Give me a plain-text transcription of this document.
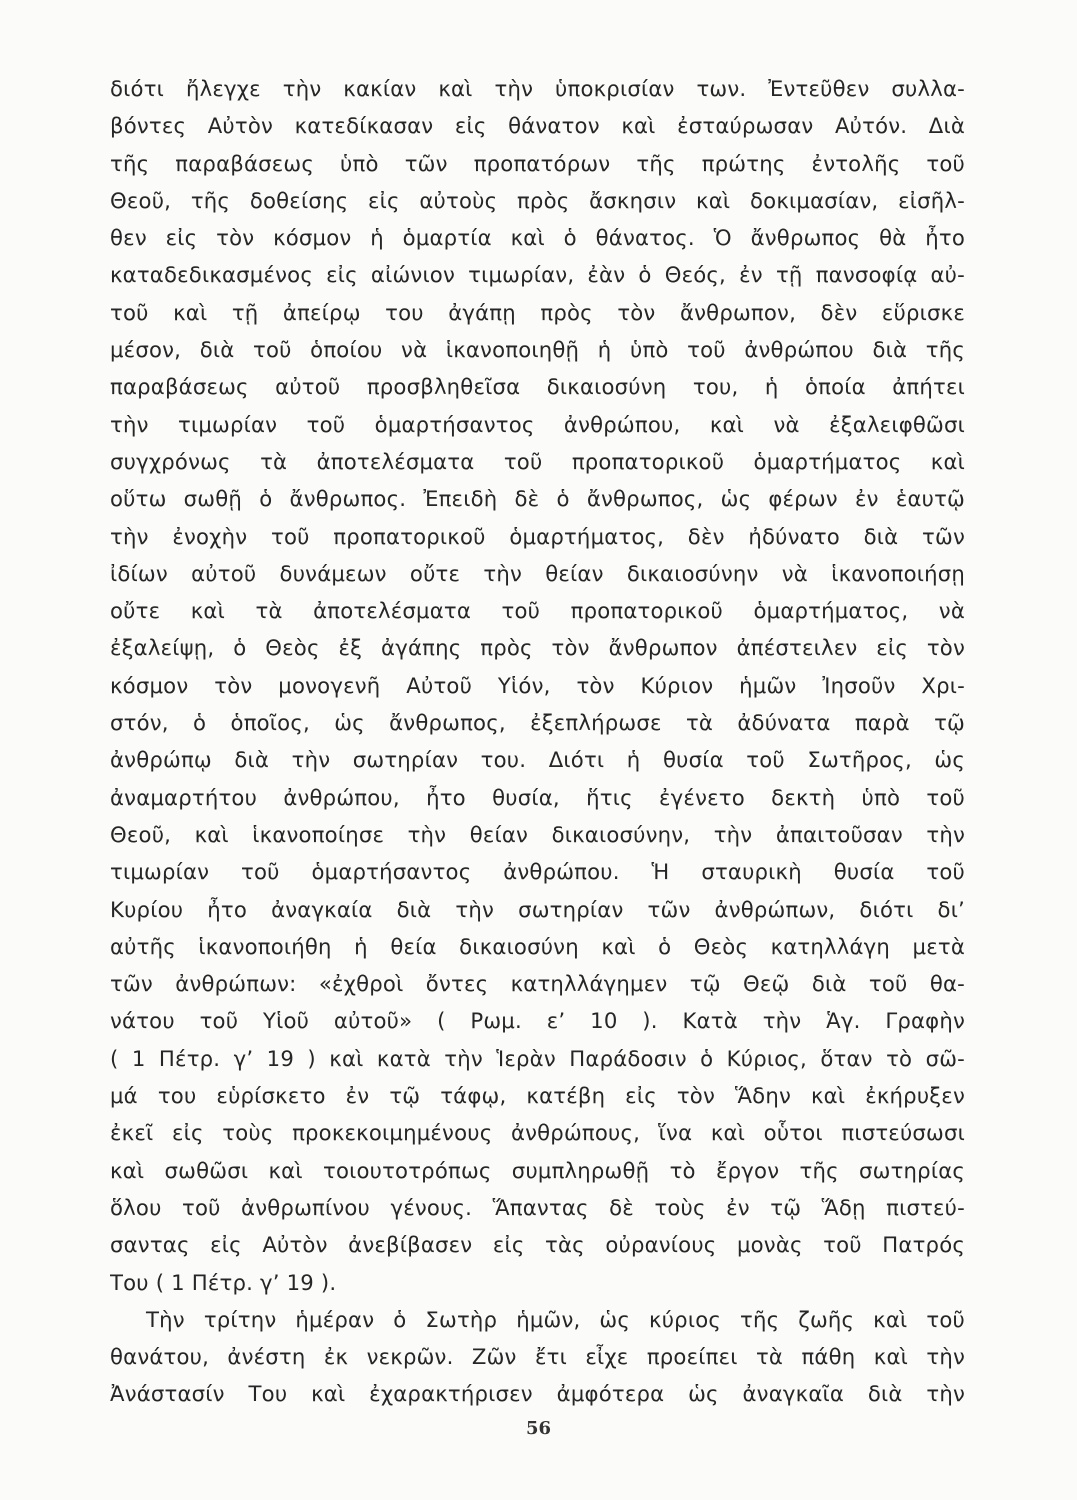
διότι ἤλεγχε τὴν κακίαν καὶ τὴν ὑποκρισίαν των. Ἐντεῦθεν συλλα-
βόντες Αὐτὸν κατεδίκασαν εἰς θάνατον καὶ ἐσταύρωσαν Αὐτόν. Διὰ
τῆς παραβάσεως ὑπὸ τῶν προπατόρων τῆς πρώτης ἐντολῆς τοῦ
Θεοῦ, τῆς δοθείσης εἰς αὐτοὺς πρὸς ἄσκησιν καὶ δοκιμασίαν, εἰσῆλ-
θεν εἰς τὸν κόσμον ἡ ὁμαρτία καὶ ὁ θάνατος. Ὁ ἄνθρωπος θὰ ἦτο
καταδεδικασμένος εἰς αἰώνιον τιμωρίαν, ἐὰν ὁ Θεός, ἐν τῇ πανσοφίᾳ αὐ-
τοῦ καὶ τῇ ἀπείρῳ του ἀγάπῃ πρὸς τὸν ἄνθρωπον, δὲν εὕρισκε
μέσον, διὰ τοῦ ὁποίου νὰ ἱκανοποιηθῇ ἡ ὑπὸ τοῦ ἀνθρώπου διὰ τῆς
παραβάσεως αὐτοῦ προσβληθεῖσα δικαιοσύνη του, ἡ ὁποία ἀπήτει
τὴν τιμωρίαν τοῦ ὁμαρτήσαντος ἀνθρώπου, καὶ νὰ ἐξαλειφθῶσι
συγχρόνως τὰ ἀποτελέσματα τοῦ προπατορικοῦ ὁμαρτήματος καὶ
οὕτω σωθῇ ὁ ἄνθρωπος. Ἐπειδὴ δὲ ὁ ἄνθρωπος, ὡς φέρων ἐν ἑαυτῷ
τὴν ἐνοχὴν τοῦ προπατορικοῦ ὁμαρτήματος, δὲν ἠδύνατο διὰ τῶν
ἰδίων αὐτοῦ δυνάμεων οὔτε τὴν θείαν δικαιοσύνην νὰ ἱκανοποιήσῃ
οὔτε καὶ τὰ ἀποτελέσματα τοῦ προπατορικοῦ ὁμαρτήματος, νὰ
ἐξαλείψῃ, ὁ Θεὸς ἐξ ἀγάπης πρὸς τὸν ἄνθρωπον ἀπέστειλεν εἰς τὸν
κόσμον τὸν μονογενῆ Αὐτοῦ Υἱόν, τὸν Κύριον ἡμῶν Ἰησοῦν Χρι-
στόν, ὁ ὁποῖος, ὡς ἄνθρωπος, ἐξεπλήρωσε τὰ ἀδύνατα παρὰ τῷ
ἀνθρώπῳ διὰ τὴν σωτηρίαν του. Διότι ἡ θυσία τοῦ Σωτῆρος, ὡς
ἀναμαρτήτου ἀνθρώπου, ἦτο θυσία, ἥτις ἐγένετο δεκτὴ ὑπὸ τοῦ
Θεοῦ, καὶ ἱκανοποίησε τὴν θείαν δικαιοσύνην, τὴν ἀπαιτοῦσαν τὴν
τιμωρίαν τοῦ ὁμαρτήσαντος ἀνθρώπου. Ἡ σταυρικὴ θυσία τοῦ
Κυρίου ἦτο ἀναγκαία διὰ τὴν σωτηρίαν τῶν ἀνθρώπων, διότι δι’
αὐτῆς ἱκανοποιήθη ἡ θεία δικαιοσύνη καὶ ὁ Θεὸς κατηλλάγη μετὰ
τῶν ἀνθρώπων: «ἐχθροὶ ὄντες κατηλλάγημεν τῷ Θεῷ διὰ τοῦ θα-
νάτου τοῦ Υἱοῦ αὐτοῦ» ( Ρωμ. ε’ 10 ). Κατὰ τὴν Ἁγ. Γραφὴν
( 1 Πέτρ. γ’ 19 ) καὶ κατὰ τὴν Ἱερὰν Παράδοσιν ὁ Κύριος, ὅταν τὸ σῶ-
μά του εὑρίσκετο ἐν τῷ τάφῳ, κατέβη εἰς τὸν Ἅδην καὶ ἐκήρυξεν
ἐκεῖ εἰς τοὺς προκεκοιμημένους ἀνθρώπους, ἵνα καὶ οὗτοι πιστεύσωσι
καὶ σωθῶσι καὶ τοιουτοτρόπως συμπληρωθῇ τὸ ἔργον τῆς σωτηρίας
ὅλου τοῦ ἀνθρωπίνου γένους. Ἅπαντας δὲ τοὺς ἐν τῷ Ἅδῃ πιστεύ-
σαντας εἰς Αὐτὸν ἀνεβίβασεν εἰς τὰς οὐρανίους μονὰς τοῦ Πατρός
Του ( 1 Πέτρ. γ’ 19 ).
Τὴν τρίτην ἡμέραν ὁ Σωτὴρ ἡμῶν, ὡς κύριος τῆς ζωῆς καὶ τοῦ
θανάτου, ἀνέστη ἐκ νεκρῶν. Ζῶν ἔτι εἶχε προείπει τὰ πάθη καὶ τὴν
Ἀνάστασίν Του καὶ ἐχαρακτήρισεν ἀμφότερα ὡς ἀναγκαῖα διὰ τὴν
56
